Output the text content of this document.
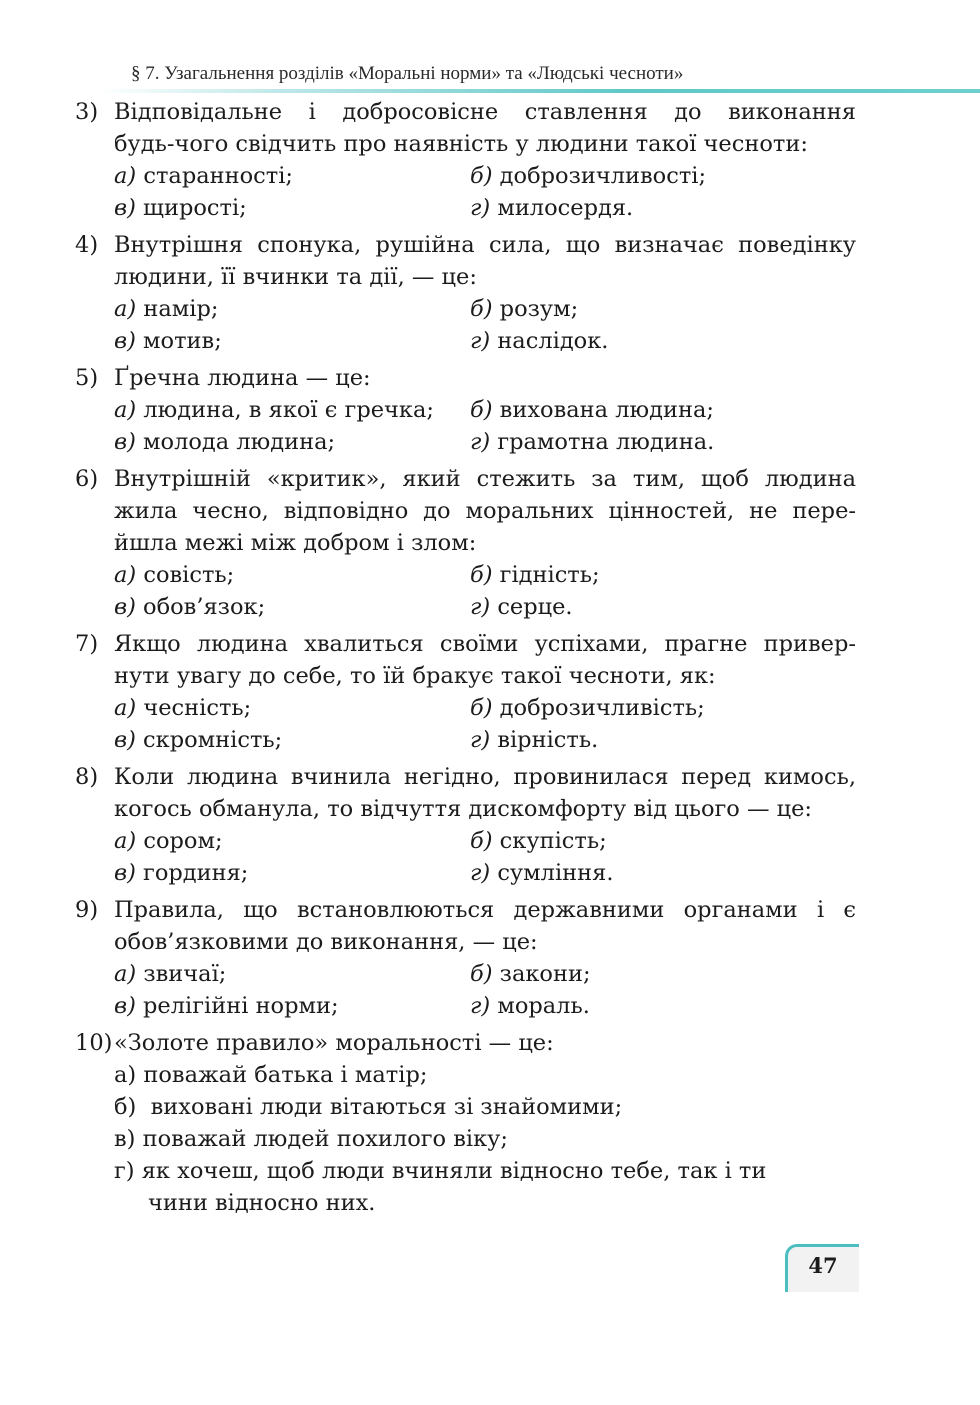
§ 7. Узагальнення розділів «Моральні норми» та «Людські чесноти»
3) Відповідальне і добросовісне ставлення до виконання
будь-чого свідчить про наявність у людини такої чесноти:
а) старанності;	б) доброзичливості;
в) щирості;	г) милосердя.
4) Внутрішня спонука, рушійна сила, що визначає поведінку
людини, її вчинки та дії, — це:
а) намір;	б) розум;
в) мотив;	г) наслідок.
5) Ґречна людина — це:
а) людина, в якої є гречка; б) вихована людина;
в) молода людина;	г) грамотна людина.
6) Внутрішній «критик», який стежить за тим, щоб людина
жила чесно, відповідно до моральних цінностей, не пере-
йшла межі між добром і злом:
а) совість;	б) гідність;
в) обов’язок;	г) серце.
7) Якщо людина хвалиться своїми успіхами, прагне привер-
нути увагу до себе, то їй бракує такої чесноти, як:
а) чесність;	б) доброзичливість;
в) скромність;	г) вірність.
8) Коли людина вчинила негідно, провинилася перед кимось,
когось обманула, то відчуття дискомфорту від цього — це:
а) сором;	б) скупість;
в) гординя;	г) сумління.
9) Правила, що встановлюються державними органами і є
обов’язковими до виконання, — це:
а) звичаї;	б) закони;
в) релігійні норми;	г) мораль.
10) «Золоте правило» моральності — це:
а) поважай батька і матір;
б)  виховані люди вітаються зі знайомими;
в) поважай людей похилого віку;
г) як хочеш, щоб люди вчиняли відносно тебе, так і ти
чини відносно них.
47
